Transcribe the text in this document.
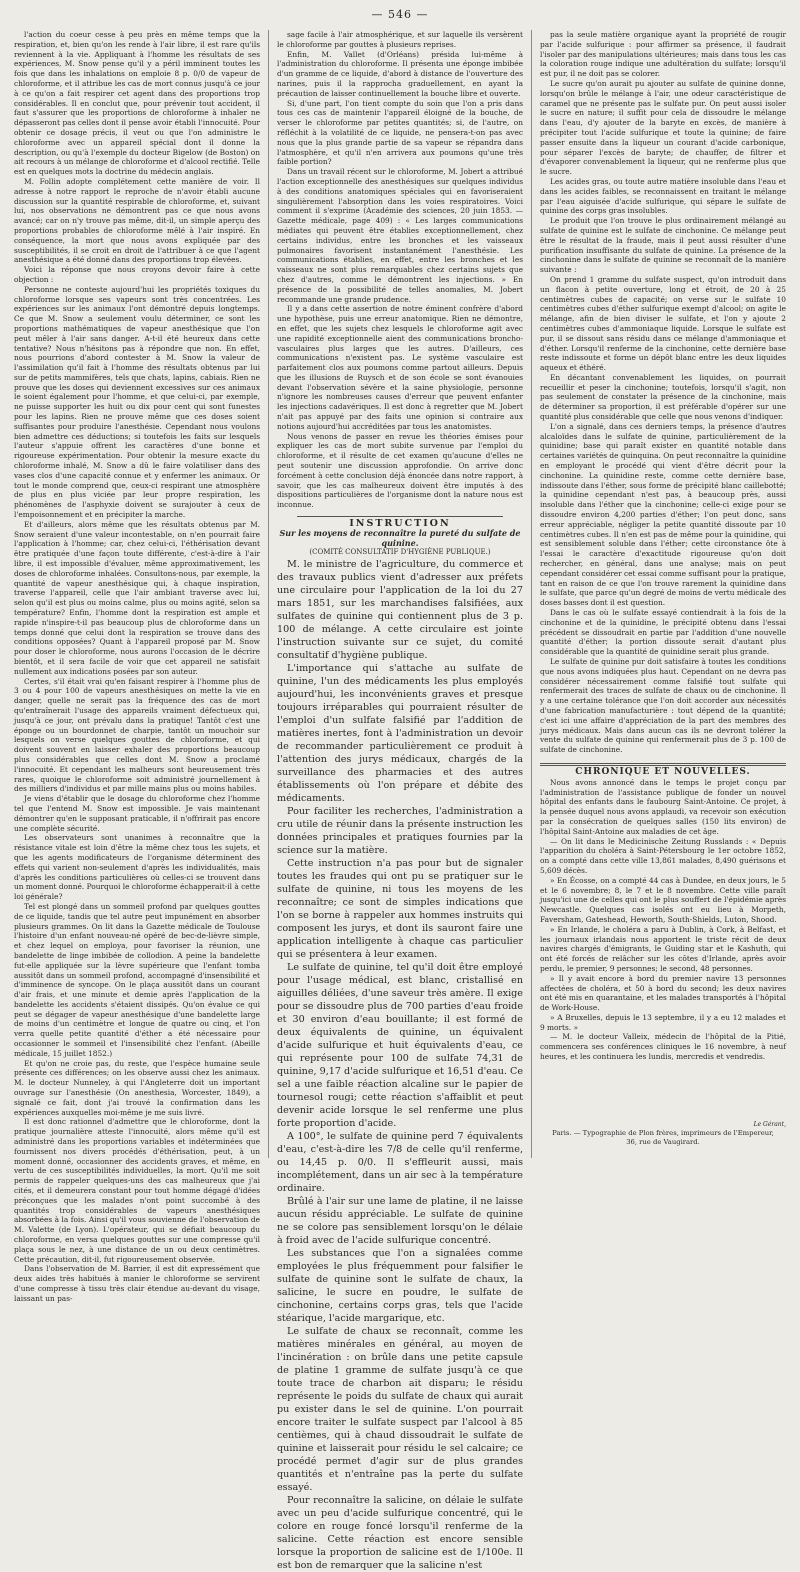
— 546 —

l'action du coeur cesse à peu près en même temps que la respiration, et, bien qu'on les rende à l'air libre, il est rare qu'ils reviennent à la vie. Appliquant à l'homme les résultats de ses expériences, M. Snow pense qu'il y a péril imminent toutes les fois que dans les inhalations on emploie 8 p. 0/0 de vapeur de chloroforme, et il attribue les cas de mort connus jusqu'à ce jour à ce qu'on a fait respirer cet agent dans des proportions trop considérables. Il en conclut que, pour prévenir tout accident, il faut s'assurer que les proportions de chloroforme à inhaler ne dépasseront pas celles dont il pense avoir établi l'innocuité. Pour obtenir ce dosage précis, il veut ou que l'on administre le chloroforme avec un appareil spécial dont il donne la description, ou qu'à l'exemple du docteur Bigelow (de Boston) on ait recours à un mélange de chloroforme et d'alcool rectifié. Telle est en quelques mots la doctrine du médecin anglais.

M. Follin adopte complétement cette manière de voir. Il adresse à notre rapport le reproche de n'avoir établi aucune discussion sur la quantité respirable de chloroforme, et, suivant lui, nos observations ne démontrent pas ce que nous avons avancé; car on n'y trouve pas même, dit-il, un simple aperçu des proportions probables de chloroforme mêlé à l'air inspiré. En conséquence, la mort que nous avons expliquée par des susceptibilités, il se croit en droit de l'attribuer à ce que l'agent anesthésique a été donné dans des proportions trop élevées.

Voici la réponse que nous croyons devoir faire à cette objection :

Personne ne conteste aujourd'hui les propriétés toxiques du chloroforme lorsque ses vapeurs sont très concentrées. Les expériences sur les animaux l'ont démontré depuis longtemps. Ce que M. Snow a seulement voulu déterminer, ce sont les proportions mathématiques de vapeur anesthésique que l'on peut mêler à l'air sans danger. A-t-il été heureux dans cette tentative? Nous n'hésitons pas à répondre que non. En effet, nous pourrions d'abord contester à M. Snow la valeur de l'assimilation qu'il fait à l'homme des résultats obtenus par lui sur de petits mammifères, tels que chats, lapins, cabiais. Rien ne prouve que les doses qui deviennent excessives sur ces animaux le soient également pour l'homme, et que celui-ci, par exemple, ne puisse supporter les huit ou dix pour cent qui sont funestes pour les lapins. Rien ne prouve même que ces doses soient suffisantes pour produire l'anesthésie. Cependant nous voulons bien admettre ces déductions; si toutefois les faits sur lesquels l'auteur s'appuie offrent les caractères d'une bonne et rigoureuse expérimentation. Pour obtenir la mesure exacte du chloroforme inhalé, M. Snow a dû le faire volatiliser dans des vases clos d'une capacité connue et y enfermer les animaux. Or tout le monde comprend que, ceux-ci respirant une atmosphère de plus en plus viciée par leur propre respiration, les phénomènes de l'asphyxie doivent se surajouter à ceux de l'empoisonnement et en précipiter la marche.

Et d'ailleurs, alors même que les résultats obtenus par M. Snow seraient d'une valeur incontestable, on n'en pourrait faire l'application à l'homme; car, chez celui-ci, l'éthérisation devant être pratiquée d'une façon toute différente, c'est-à-dire à l'air libre, il est impossible d'évaluer, même approximativement, les doses de chloroforme inhalées. Consultons-nous, par exemple, la quantité de vapeur anesthésique qui, à chaque inspiration, traverse l'appareil, celle que l'air ambiant traverse avec lui, selon qu'il est plus ou moins calme, plus ou moins agité, selon sa température? Enfin, l'homme dont la respiration est ample et rapide n'inspire-t-il pas beaucoup plus de chloroforme dans un temps donné que celui dont la respiration se trouve dans des conditions opposées? Quant à l'appareil proposé par M. Snow pour doser le chloroforme, nous aurons l'occasion de le décrire bientôt, et il sera facile de voir que cet appareil ne satisfait nullement aux indications posées par son auteur.

Certes, s'il était vrai qu'en faisant respirer à l'homme plus de 3 ou 4 pour 100 de vapeurs anesthésiques on mette la vie en danger, quelle ne serait pas la fréquence des cas de mort qu'entraînerait l'usage des appareils vraiment défectueux qui, jusqu'à ce jour, ont prévalu dans la pratique! Tantôt c'est une éponge ou un bourdonnet de charpie, tantôt un mouchoir sur lesquels on verse quelques gouttes de chloroforme, et qui doivent souvent en laisser exhaler des proportions beaucoup plus considérables que celles dont M. Snow a proclamé l'innocuité. Et cependant les malheurs sont heureusement très rares, quoique le chloroforme soit administré journellement à des milliers d'individus et par mille mains plus ou moins habiles.

Je viens d'établir que le dosage du chloroforme chez l'homme tel que l'entend M. Snow est impossible. Je vais maintenant démontrer qu'en le supposant praticable, il n'offrirait pas encore une complète sécurité.

Les observateurs sont unanimes à reconnaître que la résistance vitale est loin d'être la même chez tous les sujets, et que les agents modificateurs de l'organisme déterminent des effets qui varient non-seulement d'après les individualités, mais d'après les conditions particulières où celles-ci se trouvent dans un moment donné. Pourquoi le chloroforme échapperait-il à cette loi générale?

Tel est plongé dans un sommeil profond par quelques gouttes de ce liquide, tandis que tel autre peut impunément en absorber plusieurs grammes. On lit dans la Gazette médicale de Toulouse l'histoire d'un enfant nouveau-né opéré de bec-de-lièvre simple, et chez lequel on employa, pour favoriser la réunion, une bandelette de linge imbibée de collodion. A peine la bandelette fut-elle appliquée sur la lèvre supérieure que l'enfant tomba aussitôt dans un sommeil profond, accompagné d'insensibilité et d'imminence de syncope. On le plaça aussitôt dans un courant d'air frais, et une minute et demie après l'application de la bandelette les accidents s'étaient dissipés. Qu'on évalue ce qui peut se dégager de vapeur anesthésique d'une bandelette large de moins d'un centimètre et longue de quatre ou cinq, et l'on verra quelle petite quantité d'éther a été nécessaire pour occasionner le sommeil et l'insensibilité chez l'enfant. (Abeille médicale, 15 juillet 1852.)

Et qu'on ne croie pas, du reste, que l'espèce humaine seule présente ces différences; on les observe aussi chez les animaux. M. le docteur Nunneley, à qui l'Angleterre doit un important ouvrage sur l'anesthésie (On anesthesia, Worcester, 1849), a signalé ce fait, dont j'ai trouvé la confirmation dans les expériences auxquelles moi-même je me suis livré.

Il est donc rationnel d'admettre que le chloroforme, dont la pratique journalière atteste l'innocuité, alors même qu'il est administré dans les proportions variables et indéterminées que fournissent nos divers procédés d'éthérisation, peut, à un moment donné, occasionner des accidents graves, et même, en vertu de ces susceptibilités individuelles, la mort. Qu'il me soit permis de rappeler quelques-uns des cas malheureux que j'ai cités, et il demeurera constant pour tout homme dégagé d'idées préconçues que les malades n'ont point succombé à des quantités trop considérables de vapeurs anesthésiques absorbées à la fois. Ainsi qu'il vous souvienne de l'observation de M. Valette (de Lyon). L'opérateur, qui se défiait beaucoup du chloroforme, en versa quelques gouttes sur une compresse qu'il plaça sous le nez, à une distance de un ou deux centimètres. Cette précaution, dit-il, fut rigoureusement observée.

Dans l'observation de M. Barrier, il est dit expressément que deux aides très habitués à manier le chloroforme se servirent d'une compresse à tissu très clair étendue au-devant du visage, laissant un pas-

sage facile à l'air atmosphérique, et sur laquelle ils versèrent le chloroforme par gouttes à plusieurs reprises.

Enfin, M. Vallet (d'Orléans) présida lui-même à l'administration du chloroforme. Il présenta une éponge imbibée d'un gramme de ce liquide, d'abord à distance de l'ouverture des narines, puis il la rapprocha graduellement, en ayant la précaution de laisser continuellement la bouche libre et ouverte.

Si, d'une part, l'on tient compte du soin que l'on a pris dans tous ces cas de maintenir l'appareil éloigné de la bouche, de verser le chloroforme par petites quantités; si, de l'autre, on réfléchit à la volatilité de ce liquide, ne pensera-t-on pas avec nous que la plus grande partie de sa vapeur se répandra dans l'atmosphère, et qu'il n'en arrivera aux poumons qu'une très faible portion?

Dans un travail récent sur le chloroforme, M. Jobert a attribué l'action exceptionnelle des anesthésiques sur quelques individus à des conditions anatomiques spéciales qui en favoriseraient singulièrement l'absorption dans les voies respiratoires. Voici comment il s'exprime (Académie des sciences, 20 juin 1853. — Gazette médicale, page 409) : « Les larges communications médiates qui peuvent être établies exceptionnellement, chez certains individus, entre les bronches et les vaisseaux pulmonaires favorisent instantanément l'anesthésie. Les communications établies, en effet, entre les bronches et les vaisseaux ne sont plus remarquables chez certains sujets que chez d'autres, comme le démontrent les injections. » En présence de la possibilité de telles anomalies, M. Jobert recommande une grande prudence.

Il y a dans cette assertion de notre éminent confrère d'abord une hypothèse, puis une erreur anatomique. Rien ne démontre, en effet, que les sujets chez lesquels le chloroforme agit avec une rapidité exceptionnelle aient des communications broncho-vasculaires plus larges que les autres. D'ailleurs, ces communications n'existent pas. Le système vasculaire est parfaitement clos aux poumons comme partout ailleurs. Depuis que les illusions de Ruysch et de son école se sont évanouies devant l'observation sévère et la saine physiologie, personne n'ignore les nombreuses causes d'erreur que peuvent enfanter les injections cadavériques. Il est donc à regretter que M. Jobert n'ait pas appuyé par des faits une opinion si contraire aux notions aujourd'hui accréditées par tous les anatomistes.

Nous venons de passer en revue les théories émises pour expliquer les cas de mort subite survenue par l'emploi du chloroforme, et il résulte de cet examen qu'aucune d'elles ne peut soutenir une discussion approfondie. On arrive donc forcément à cette conclusion déjà énoncée dans notre rapport, à savoir, que les cas malheureux doivent être imputés à des dispositions particulières de l'organisme dont la nature nous est inconnue.

INSTRUCTION

Sur les moyens de reconnaître la pureté du sulfate de quinine.

(COMITÉ CONSULTATIF D'HYGIÈNE PUBLIQUE.)

M. le ministre de l'agriculture, du commerce et des travaux publics vient d'adresser aux préfets une circulaire pour l'application de la loi du 27 mars 1851, sur les marchandises falsifiées, aux sulfates de quinine qui contiennent plus de 3 p. 100 de mélange. A cette circulaire est jointe l'instruction suivante sur ce sujet, du comité consultatif d'hygiène publique.

L'importance qui s'attache au sulfate de quinine, l'un des médicaments les plus employés aujourd'hui, les inconvénients graves et presque toujours irréparables qui pourraient résulter de l'emploi d'un sulfate falsifié par l'addition de matières inertes, font à l'administration un devoir de recommander particulièrement ce produit à l'attention des jurys médicaux, chargés de la surveillance des pharmacies et des autres établissements où l'on prépare et débite des médicaments.

Pour faciliter les recherches, l'administration a cru utile de réunir dans la présente instruction les données principales et pratiques fournies par la science sur la matière.

Cette instruction n'a pas pour but de signaler toutes les fraudes qui ont pu se pratiquer sur le sulfate de quinine, ni tous les moyens de les reconnaître; ce sont de simples indications que l'on se borne à rappeler aux hommes instruits qui composent les jurys, et dont ils sauront faire une application intelligente à chaque cas particulier qui se présentera à leur examen.

Le sulfate de quinine, tel qu'il doit être employé pour l'usage médical, est blanc, cristallisé en aiguilles déliées, d'une saveur très amère. Il exige pour se dissoudre plus de 700 parties d'eau froide et 30 environ d'eau bouillante; il est formé de deux équivalents de quinine, un équivalent d'acide sulfurique et huit équivalents d'eau, ce qui représente pour 100 de sulfate 74,31 de quinine, 9,17 d'acide sulfurique et 16,51 d'eau. Ce sel a une faible réaction alcaline sur le papier de tournesol rougi; cette réaction s'affaiblit et peut devenir acide lorsque le sel renferme une plus forte proportion d'acide.

A 100°, le sulfate de quinine perd 7 équivalents d'eau, c'est-à-dire les 7/8 de celle qu'il renferme, ou 14,45 p. 0/0. Il s'effleurit aussi, mais incomplétement, dans un air sec à la température ordinaire.

Brûlé à l'air sur une lame de platine, il ne laisse aucun résidu appréciable. Le sulfate de quinine ne se colore pas sensiblement lorsqu'on le délaie à froid avec de l'acide sulfurique concentré.

Les substances que l'on a signalées comme employées le plus fréquemment pour falsifier le sulfate de quinine sont le sulfate de chaux, la salicine, le sucre en poudre, le sulfate de cinchonine, certains corps gras, tels que l'acide stéarique, l'acide margarique, etc.

Le sulfate de chaux se reconnaît, comme les matières minérales en général, au moyen de l'incinération : on brûle dans une petite capsule de platine 1 gramme de sulfate jusqu'à ce que toute trace de charbon ait disparu; le résidu représente le poids du sulfate de chaux qui aurait pu exister dans le sel de quinine. L'on pourrait encore traiter le sulfate suspect par l'alcool à 85 centièmes, qui à chaud dissoudrait le sulfate de quinine et laisserait pour résidu le sel calcaire; ce procédé permet d'agir sur de plus grandes quantités et n'entraîne pas la perte du sulfate essayé.

Pour reconnaître la salicine, on délaie le sulfate avec un peu d'acide sulfurique concentré, qui le colore en rouge foncé lorsqu'il renferme de la salicine. Cette réaction est encore sensible lorsque la proportion de salicine est de 1/100e. Il est bon de remarquer que la salicine n'est

pas la seule matière organique ayant la propriété de rougir par l'acide sulfurique : pour affirmer sa présence, il faudrait l'isoler par des manipulations ultérieures; mais dans tous les cas la coloration rouge indique une adultération du sulfate; lorsqu'il est pur, il ne doit pas se colorer.

Le sucre qu'on aurait pu ajouter au sulfate de quinine donne, lorsqu'on brûle le mélange à l'air, une odeur caractéristique de caramel que ne présente pas le sulfate pur. On peut aussi isoler le sucre en nature; il suffit pour cela de dissoudre le mélange dans l'eau, d'y ajouter de la baryte en excès, de manière à précipiter tout l'acide sulfurique et toute la quinine; de faire passer ensuite dans la liqueur un courant d'acide carbonique, pour séparer l'excès de baryte; de chauffer, de filtrer et d'évaporer convenablement la liqueur, qui ne renferme plus que le sucre.

Les acides gras, ou toute autre matière insoluble dans l'eau et dans les acides faibles, se reconnaissent en traitant le mélange par l'eau aiguisée d'acide sulfurique, qui sépare le sulfate de quinine des corps gras insolubles.

Le produit que l'on trouve le plus ordinairement mélangé au sulfate de quinine est le sulfate de cinchonine. Ce mélange peut être le résultat de la fraude, mais il peut aussi résulter d'une purification insuffisante du sulfate de quinine. La présence de la cinchonine dans le sulfate de quinine se reconnaît de la manière suivante :

On prend 1 gramme du sulfate suspect, qu'on introduit dans un flacon à petite ouverture, long et étroit, de 20 à 25 centimètres cubes de capacité; on verse sur le sulfate 10 centimètres cubes d'éther sulfurique exempt d'alcool; on agite le mélange, afin de bien diviser le sulfate, et l'on y ajoute 2 centimètres cubes d'ammoniaque liquide. Lorsque le sulfate est pur, il se dissout sans résidu dans ce mélange d'ammoniaque et d'éther. Lorsqu'il renferme de la cinchonine, cette dernière base reste indissoute et forme un dépôt blanc entre les deux liquides aqueux et éthéré.

En décantant convenablement les liquides, on pourrait recueillir et peser la cinchonine; toutefois, lorsqu'il s'agit, non pas seulement de constater la présence de la cinchonine, mais de déterminer sa proportion, il est préférable d'opérer sur une quantité plus considérable que celle que nous venons d'indiquer.

L'on a signalé, dans ces derniers temps, la présence d'autres alcaloïdes dans le sulfate de quinine, particulièrement de la quinidine; base qui paraît exister en quantité notable dans certaines variétés de quinquina. On peut reconnaître la quinidine en employant le procédé qui vient d'être décrit pour la cinchonine. La quinidine reste, comme cette dernière base, indissoute dans l'éther, sous forme de précipité blanc caillebotté; la quinidine cependant n'est pas, à beaucoup près, aussi insoluble dans l'éther que la cinchonine; celle-ci exige pour se dissoudre environ 4,200 parties d'éther; l'on peut donc, sans erreur appréciable, négliger la petite quantité dissoute par 10 centimètres cubes. Il n'en est pas de même pour la quinidine, qui est sensiblement soluble dans l'éther; cette circonstance ôte à l'essai le caractère d'exactitude rigoureuse qu'on doit rechercher, en général, dans une analyse; mais on peut cependant considérer cet essai comme suffisant pour la pratique, tant en raison de ce que l'on trouve rarement la quinidine dans le sulfate, que parce qu'un degré de moins de vertu médicale des doses basses dont il est question.

Dans le cas où le sulfate essayé contiendrait à la fois de la cinchonine et de la quinidine, le précipité obtenu dans l'essai précédent se dissoudrait en partie par l'addition d'une nouvelle quantité d'éther; la portion dissoute serait d'autant plus considérable que la quantité de quinidine serait plus grande.

Le sulfate de quinine pur doit satisfaire à toutes les conditions que nous avons indiquées plus haut. Cependant on ne devra pas considérer nécessairement comme falsifié tout sulfate qui renfermerait des traces de sulfate de chaux ou de cinchonine. Il y a une certaine tolérance que l'on doit accorder aux nécessités d'une fabrication manufacturière : tout dépend de la quantité; c'est ici une affaire d'appréciation de la part des membres des jurys médicaux. Mais dans aucun cas ils ne devront tolérer la vente du sulfate de quinine qui renfermerait plus de 3 p. 100 de sulfate de cinchonine.

CHRONIQUE ET NOUVELLES.

Nous avons annoncé dans le temps le projet conçu par l'administration de l'assistance publique de fonder un nouvel hôpital des enfants dans le faubourg Saint-Antoine. Ce projet, à la pensée duquel nous avons applaudi, va recevoir son exécution par la consécration de quelques salles (150 lits environ) de l'hôpital Saint-Antoine aux maladies de cet âge.

— On lit dans le Medicinische Zeitung Russlands : « Depuis l'apparition du choléra à Saint-Pétersbourg le 1er octobre 1852, on a compté dans cette ville 13,861 malades, 8,490 guérisons et 5,609 décès.

» En Écosse, on a compté 44 cas à Dundee, en deux jours, le 5 et le 6 novembre; 8, le 7 et le 8 novembre. Cette ville paraît jusqu'ici une de celles qui ont le plus souffert de l'épidémie après Newcastle. Quelques cas isolés ont eu lieu à Morpeth, Faversham, Gateshead, Heworth, South-Shields, Luton, Shood.

» En Irlande, le choléra a paru à Dublin, à Cork, à Belfast, et les journaux irlandais nous apportent le triste récit de deux navires chargés d'émigrants, le Guiding star et le Kashuth, qui ont été forcés de relâcher sur les côtes d'Irlande, après avoir perdu, le premier, 9 personnes; le second, 48 personnes.

» Il y avait encore à bord du premier navire 13 personnes affectées de choléra, et 50 à bord du second; les deux navires ont été mis en quarantaine, et les malades transportés à l'hôpital de Work-House.

» A Bruxelles, depuis le 13 septembre, il y a eu 12 malades et 9 morts. »

— M. le docteur Valleix, médecin de l'hôpital de la Pitié, commencera ses conférences cliniques le 16 novembre, à neuf heures, et les continuera les lundis, mercredis et vendredis.

Le Gérant,
Paris. — Typographie de Plon frères, imprimeurs de l'Empereur,
36, rue de Vaugirard.
